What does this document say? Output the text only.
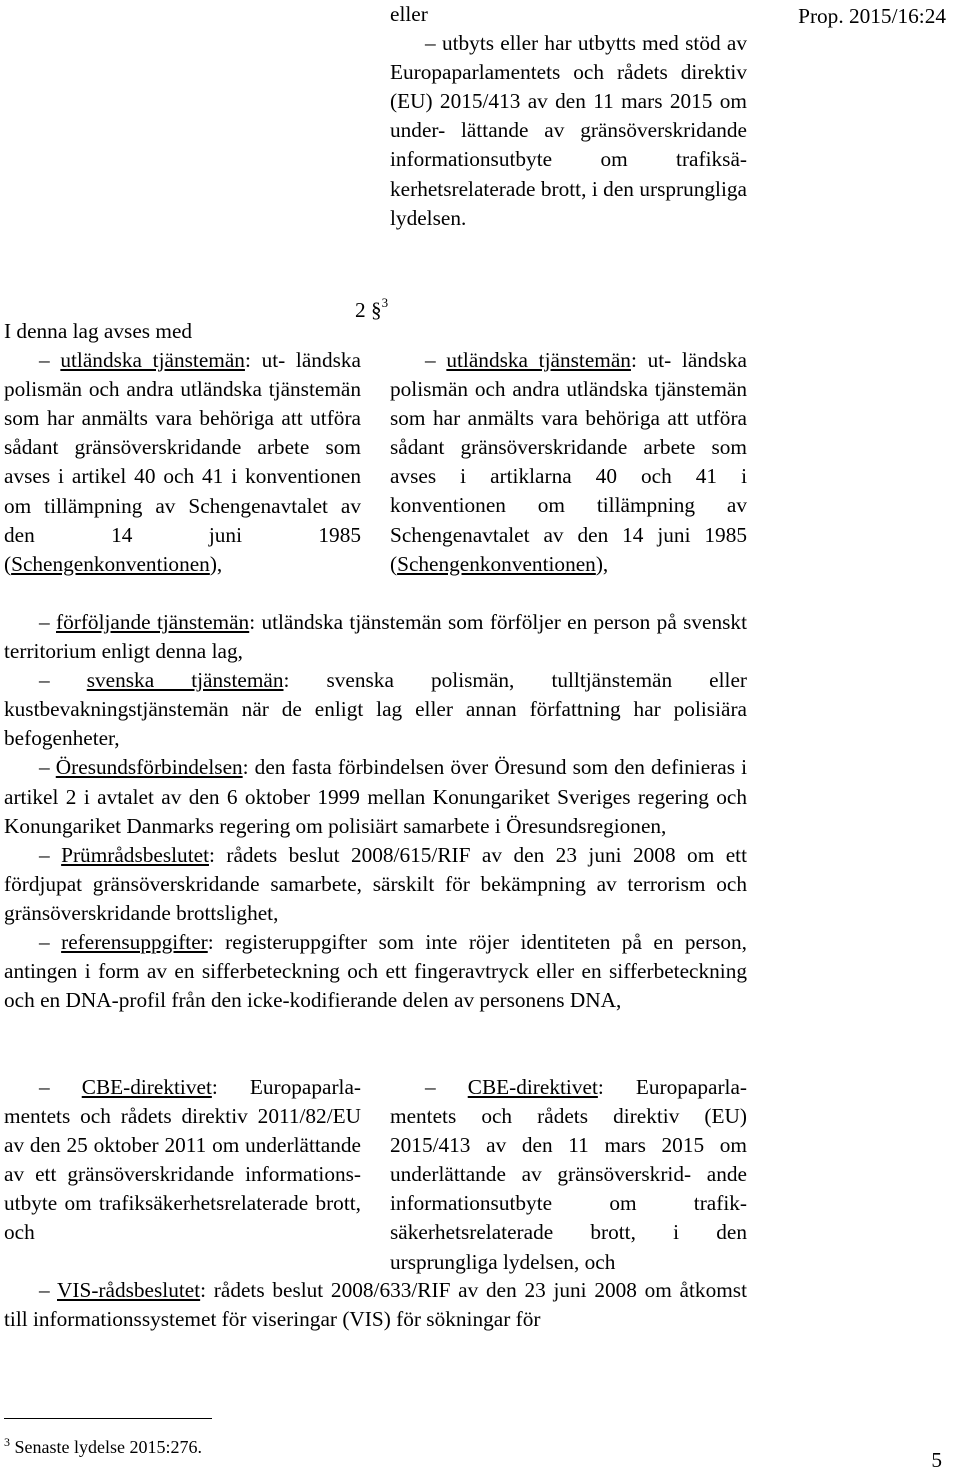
Prop. 2015/16:24

eller

– utbyts eller har utbytts med stöd av Europaparlamentets och rådets direktiv (EU) 2015/413 av den 11 mars 2015 om under- lättande av gränsöverskridande informationsutbyte om trafiksä- kerhetsrelaterade brott, i den ursprungliga lydelsen.

2 §$^3$

I denna lag avses med

– utländska tjänstemän: ut- ländska polismän och andra utländska tjänstemän som har anmälts vara behöriga att utföra sådant gränsöverskridande arbete som avses i artikel 40 och 41 i konventionen om tillämpning av Schengenavtalet av den 14 juni 1985 (Schengenkonventionen),

– utländska tjänstemän: ut- ländska polismän och andra utländska tjänstemän som har anmälts vara behöriga att utföra sådant gränsöverskridande arbete som avses i artiklarna 40 och 41 i konventionen om tillämpning av Schengenavtalet av den 14 juni 1985 (Schengenkonventionen),

– förföljande tjänstemän: utländska tjänstemän som förföljer en person på svenskt territorium enligt denna lag,

– svenska tjänstemän: svenska polismän, tulltjänstemän eller kustbevakningstjänstemän när de enligt lag eller annan författning har polisiära befogenheter,

– Öresundsförbindelsen: den fasta förbindelsen över Öresund som den definieras i artikel 2 i avtalet av den 6 oktober 1999 mellan Konungariket Sveriges regering och Konungariket Danmarks regering om polisiärt samarbete i Öresundsregionen,

– Prümrådsbeslutet: rådets beslut 2008/615/RIF av den 23 juni 2008 om ett fördjupat gränsöverskridande samarbete, särskilt för bekämpning av terrorism och gränsöverskridande brottslighet,

– referensuppgifter: registeruppgifter som inte röjer identiteten på en person, antingen i form av en sifferbeteckning och ett fingeravtryck eller en sifferbeteckning och en DNA-profil från den icke-kodifierande delen av personens DNA,

– CBE-direktivet: Europaparla- mentets och rådets direktiv 2011/82/EU av den 25 oktober 2011 om underlättande av ett gränsöverskridande informations- utbyte om trafiksäkerhetsrelaterade brott, och

– CBE-direktivet: Europaparla- mentets och rådets direktiv (EU) 2015/413 av den 11 mars 2015 om underlättande av gränsöverskrid- ande informationsutbyte om trafik- säkerhetsrelaterade brott, i den ursprungliga lydelsen, och

– VIS-rådsbeslutet: rådets beslut 2008/633/RIF av den 23 juni 2008 om åtkomst till informationssystemet för viseringar (VIS) för sökningar för

$^3$ Senaste lydelse 2015:276.
5
